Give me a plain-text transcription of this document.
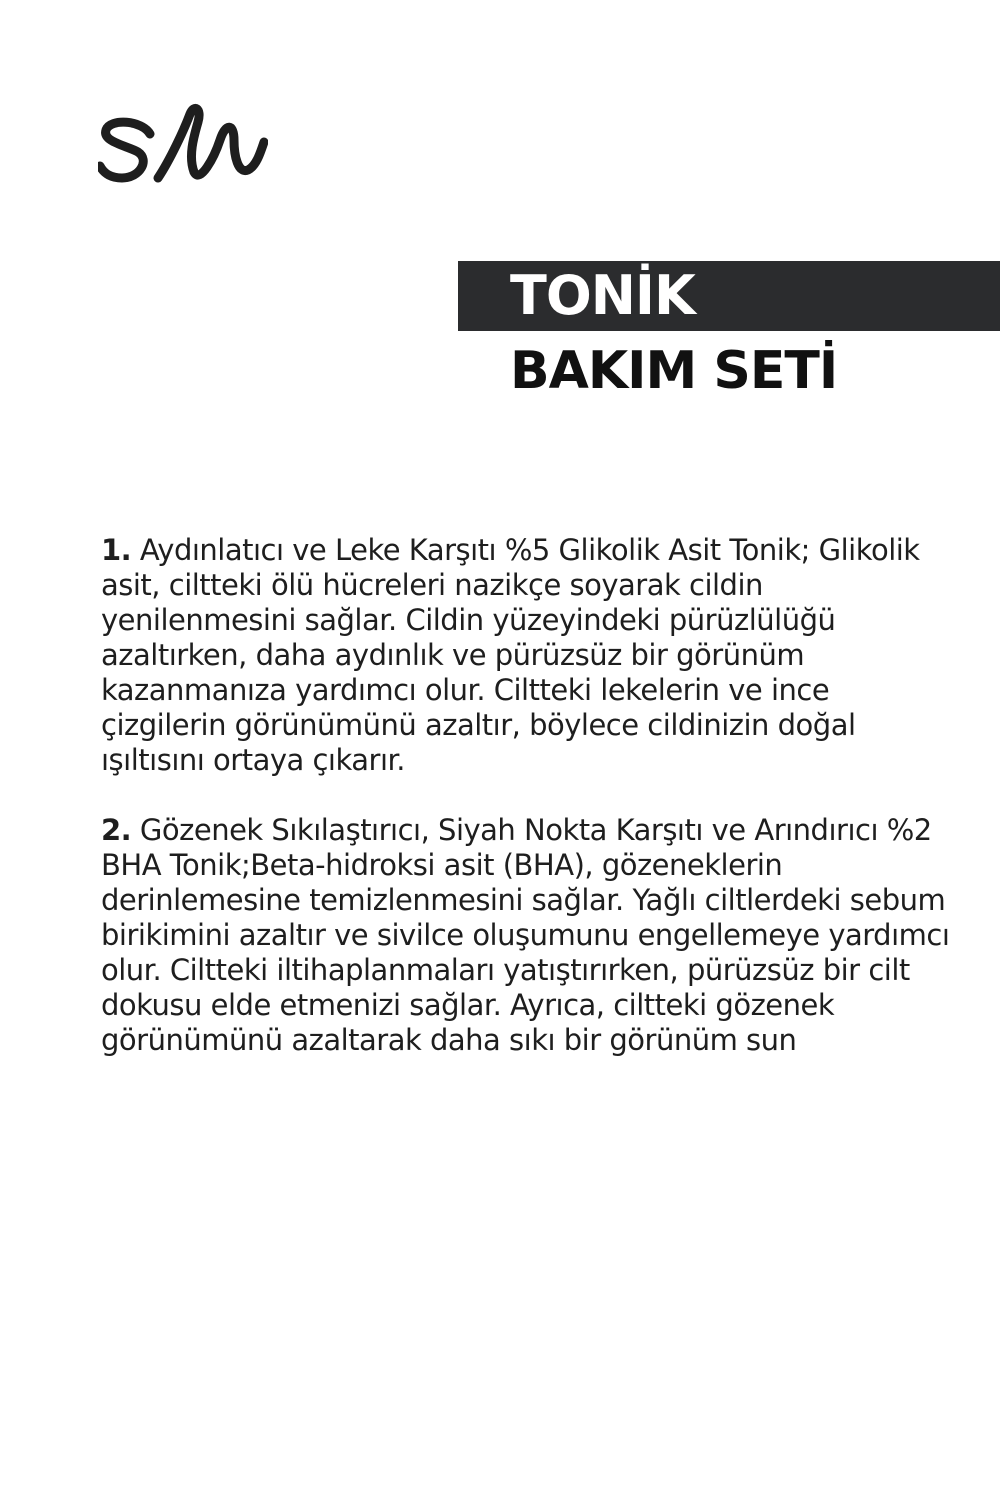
TONİK
BAKIM SETİ

1. Aydınlatıcı ve Leke Karşıtı %5 Glikolik Asit Tonik; Glikolik asit, ciltteki ölü hücreleri nazikçe soyarak cildin yenilenmesini sağlar. Cildin yüzeyindeki pürüzlülüğü azaltırken, daha aydınlık ve pürüzsüz bir görünüm kazanmanıza yardımcı olur. Ciltteki lekelerin ve ince çizgilerin görünümünü azaltır, böylece cildinizin doğal ışıltısını ortaya çıkarır.

2. Gözenek Sıkılaştırıcı, Siyah Nokta Karşıtı ve Arındırıcı %2 BHA Tonik;Beta-hidroksi asit (BHA), gözeneklerin derinlemesine temizlenmesini sağlar. Yağlı ciltlerdeki sebum birikimini azaltır ve sivilce oluşumunu engellemeye yardımcı olur. Ciltteki iltihaplanmaları yatıştırırken, pürüzsüz bir cilt dokusu elde etmenizi sağlar. Ayrıca, ciltteki gözenek görünümünü azaltarak daha sıkı bir görünüm sun
